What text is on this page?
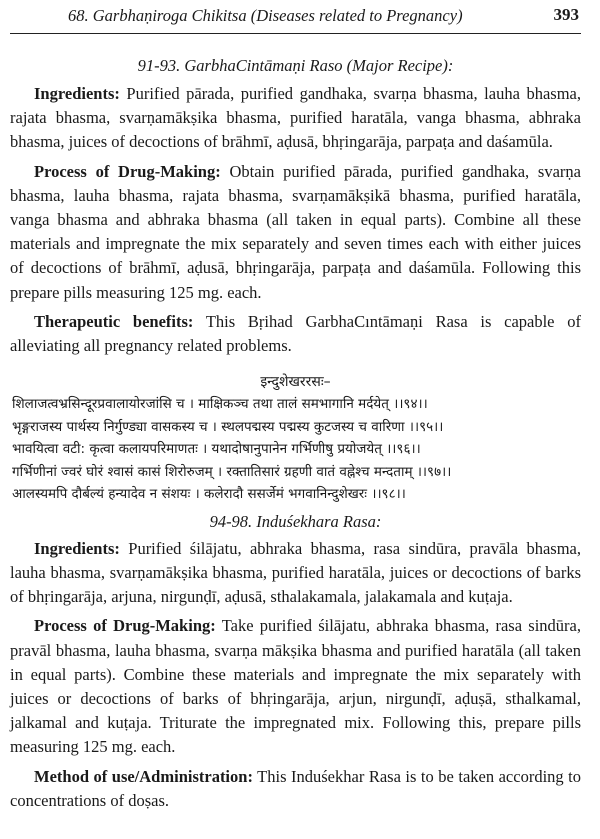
68. Garbhaṇiroga Chikitsa (Diseases related to Pregnancy)	393
91-93. GarbhaCintāmaṇi Raso (Major Recipe):

Ingredients: Purified pārada, purified gandhaka, svarṇa bhasma, lauha bhasma, rajata bhasma, svarṇamākṣika bhasma, purified haratāla, vanga bhasma, abhraka bhasma, juices of decoctions of brāhmī, aḍusā, bhṛingarāja, parpaṭa and daśamūla.

Process of Drug-Making: Obtain purified pārada, purified gandhaka, svarṇa bhasma, lauha bhasma, rajata bhasma, svarṇamākṣikā bhasma, purified haratāla, vanga bhasma and abhraka bhasma (all taken in equal parts). Combine all these materials and impregnate the mix separately and seven times each with either juices of decoctions of brāhmī, aḍusā, bhṛingarāja, parpaṭa and daśamūla. Following this prepare pills measuring 125 mg. each.

Therapeutic benefits: This Bṛihad GarbhaCıntāmaṇi Rasa is capable of alleviating all pregnancy related problems.

इन्दुशेखररसः–
शिलाजत्वभ्रसिन्दूरप्रवालायोरजांसि च । माक्षिकञ्च तथा तालं समभागानि मर्दयेत् ।।९४।।
भृङ्गराजस्य पार्थस्य निर्गुण्ड्या वासकस्य च । स्थलपद्मस्य पद्मस्य कुटजस्य च वारिणा ।।९५।।
भावयित्वा वटी: कृत्वा कलायपरिमाणतः । यथादोषानुपानेन गर्भिणीषु प्रयोजयेत् ।।९६।।
गर्भिणीनां ज्वरं घोरं श्वासं कासं शिरोरुजम् । रक्तातिसारं ग्रहणी वातं वह्नेश्च मन्दताम् ।।९७।।
आलस्यमपि दौर्बल्यं हन्यादेव न संशयः । कलेरादौ ससर्जेमं भगवानिन्दुशेखरः ।।९८।।
94-98. Induśekhara Rasa:

Ingredients: Purified śilājatu, abhraka bhasma, rasa sindūra, pravāla bhasma, lauha bhasma, svarṇamākṣika bhasma, purified haratāla, juices or decoctions of barks of bhṛingarāja, arjuna, nirgunḍī, aḍusā, sthalakamala, jalakamala and kuṭaja.

Process of Drug-Making: Take purified śilājatu, abhraka bhasma, rasa sindūra, pravāl bhasma, lauha bhasma, svarṇa mākṣika bhasma and purified haratāla (all taken in equal parts). Combine these materials and impregnate the mix separately with juices or decoctions of barks of bhṛingarāja, arjun, nirgunḍī, aḍuṣā, sthalkamal, jalkamal and kuṭaja. Triturate the impregnated mix. Following this, prepare pills measuring 125 mg. each.

Method of use/Administration: This Induśekhar Rasa is to be taken according to concentrations of doṣas.
